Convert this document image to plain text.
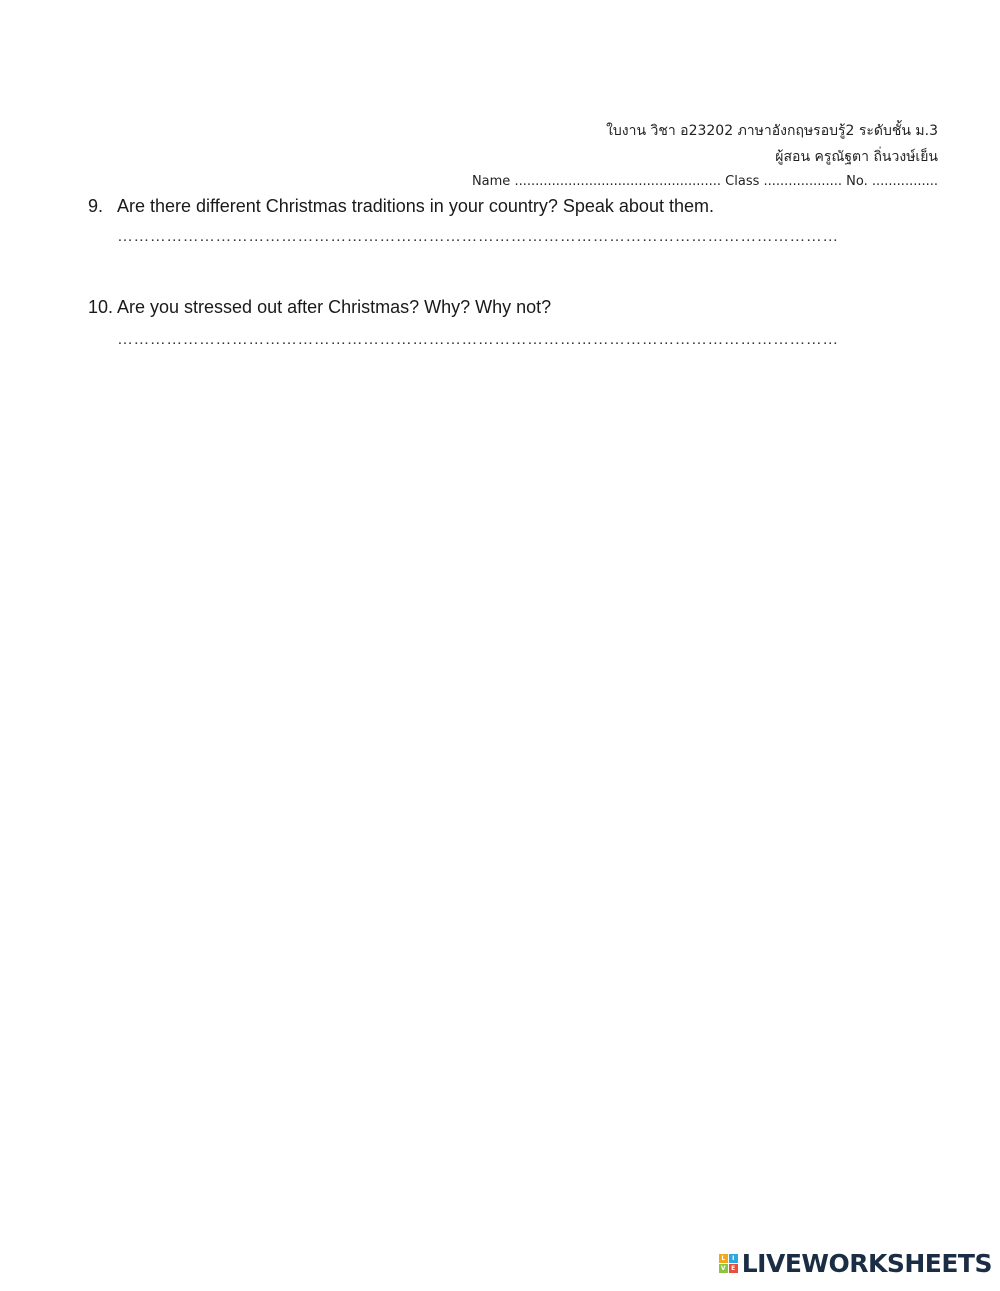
ใบงาน วิชา อ23202 ภาษาอังกฤษรอบรู้2 ระดับชั้น ม.3
ผู้สอน ครูณัฐตา ถิ่นวงษ์เย็น
Name .................................................. Class ................... No. ................
9. Are there different Christmas traditions in your country? Speak about them.
……………………………………………………………………………………………………………………
10. Are you stressed out after Christmas? Why? Why not?
……………………………………………………………………………………………………………………
L	I
V E LIVEWORKSHEETS
